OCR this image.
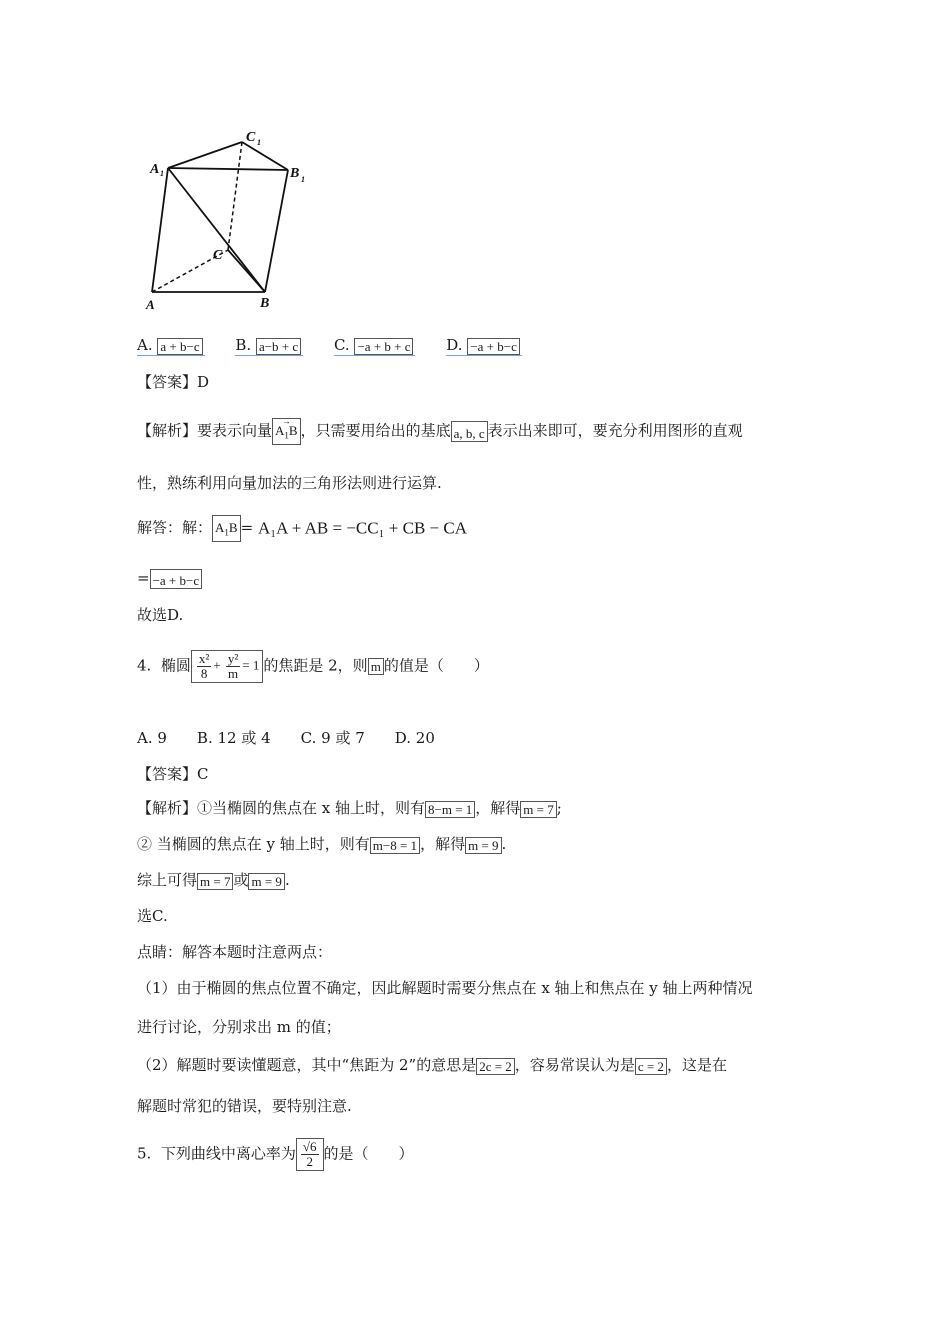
A 1
C 1
B 1
C
A	B
A. a + b−c B. a−b + c C. −a + b + c D. −a + b−c
【答案】D
【解析】要表示向量→ $A_1B$ ，只需要用给出的基底 a, b, c 表示出来即可，要充分利用图形的直观
性，熟练利用向量加法的三角形法则进行运算.
解答：解： $A_1B = A_1A$ + AB = −CC₁ + CB − CA
= −a + b−c
故选D.
4. 椭圆 $\frac{\text{x²}}{8} + \frac{\text{y²}}{m} = 1$ 的焦距是 2，则 m 的值是（　　）
A. 9 B. 12 或 4 C. 9 或 7 D. 20
【答案】C
【解析】①当椭圆的焦点在 x 轴上时，则有 8−m = 1 ，解得 m = 7 ;
② 当椭圆的焦点在 y 轴上时，则有 m−8 = 1 ，解得 m = 9 .
综上可得 m = 7 或 m = 9 .
选C.
点睛：解答本题时注意两点：
（1）由于椭圆的焦点位置不确定，因此解题时需要分焦点在 x 轴上和焦点在 y 轴上两种情况
进行讨论，分别求出 m 的值；
（2）解题时要读懂题意，其中“焦距为 2”的意思是 2c = 2 ，容易常误认为是 c = 2 ，这是在
解题时常犯的错误，要特别注意.
5. 下列曲线中离心率为 $\frac{√6}{2}$ 的是（　　）
